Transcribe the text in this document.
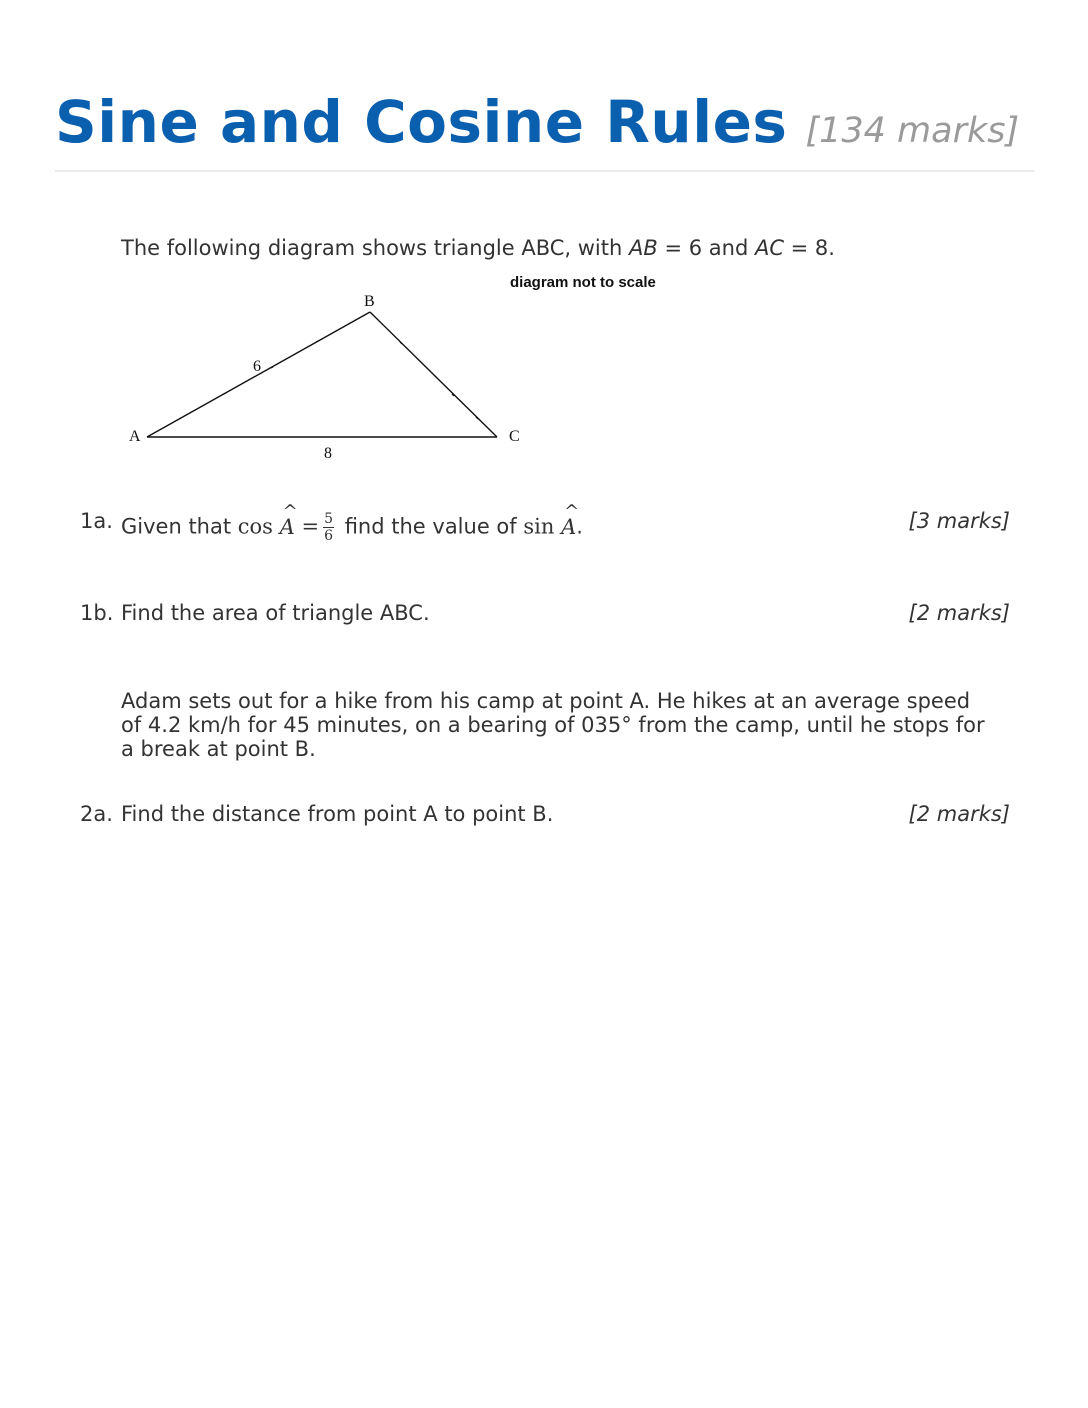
Sine and Cosine Rules [134 marks]
The following diagram shows triangle ABC, with AB = 6 and AC = 8.
diagram not to scale
B
A	C
6
8
1a. Given that cos
^
$A = \frac{5}{6}$ find the value of sin
^
A.	[3 marks]
1b. Find the area of triangle ABC.	[2 marks]
Adam sets out for a hike from his camp at point A. He hikes at an average speed
of 4.2 km/h for 45 minutes, on a bearing of 035° from the camp, until he stops for
a break at point B.
2a. Find the distance from point A to point B.	[2 marks]
